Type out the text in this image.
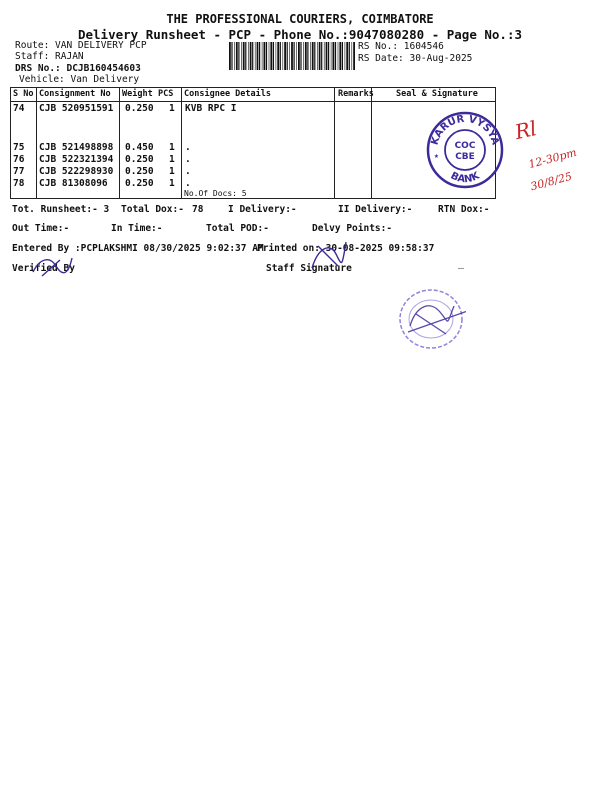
THE PROFESSIONAL COURIERS, COIMBATORE
Delivery Runsheet - PCP - Phone No.:9047080280 - Page No.:3
Route: VAN DELIVERY PCP
Staff: RAJAN
DRS No.: DCJB160454603
Vehicle: Van Delivery
RS No.: 1604546
RS Date: 30-Aug-2025
S No Consignment No Weight PCS Consignee Details	Remarks	Seal & Signature
74 CJB 520951591 0.250 1 KVB RPC I
75 CJB 521498898 0.450 1 .
76 CJB 522321394 0.250 1 .
77 CJB 522298930 0.250 1 .
78 CJB 81308096 0.250 1 .
No.Of Docs: 5
KARUR VYSYA
BANK
COC
CBE
★
Rl
12-30pm
30/8/25
Tot. Runsheet:- 3 Total Dox:- 78	I Delivery:-	II Delivery:-	RTN Dox:-
Out Time:-	In Time:-	Total POD:-	Delvy Points:-
Entered By :PCPLAKSHMI 08/30/2025 9:02:37 AM
Printed on: 30-08-2025 09:58:37
Verified By	Staff Signature
